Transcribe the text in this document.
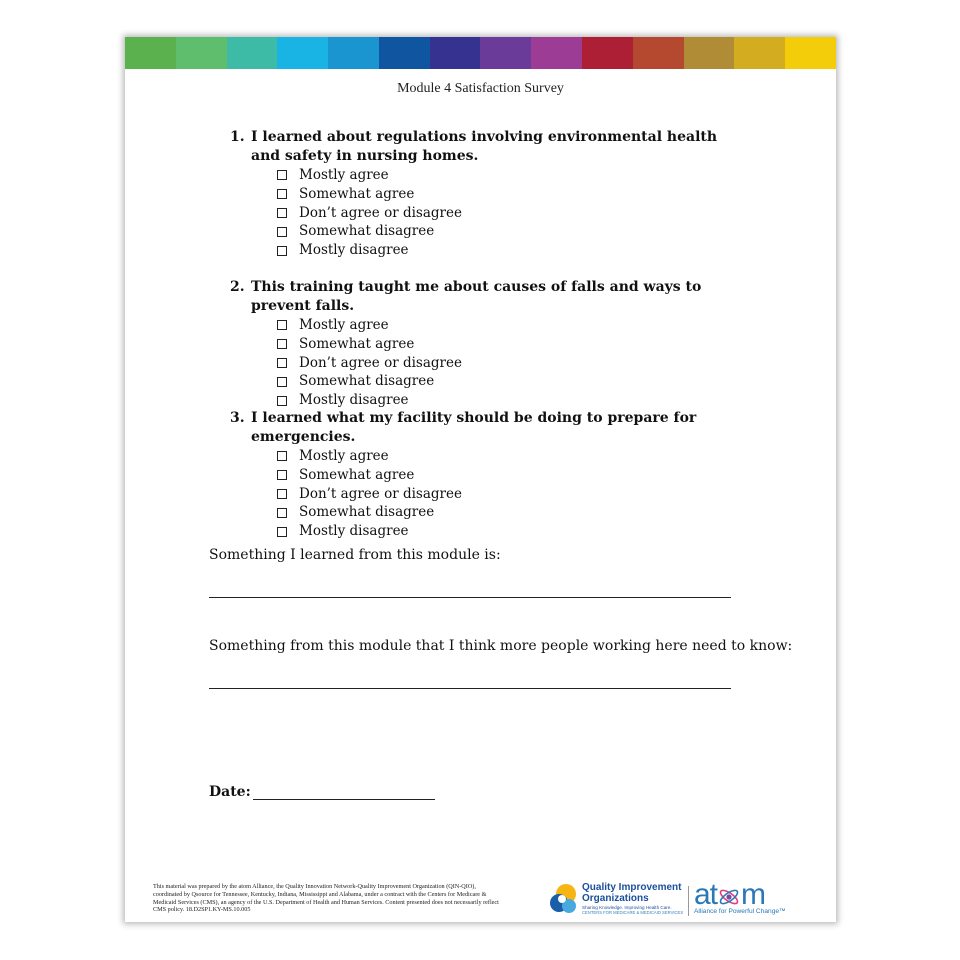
Module 4 Satisfaction Survey
1. I learned about regulations involving environmental health and safety in nursing homes.
Mostly agree
Somewhat agree
Don’t agree or disagree
Somewhat disagree
Mostly disagree
2. This training taught me about causes of falls and ways to prevent falls.
Mostly agree
Somewhat agree
Don’t agree or disagree
Somewhat disagree
Mostly disagree
3. I learned what my facility should be doing to prepare for emergencies.
Mostly agree
Somewhat agree
Don’t agree or disagree
Somewhat disagree
Mostly disagree
Something I learned from this module is:
Something from this module that I think more people working here need to know:
Date:
This material was prepared by the atom Alliance, the Quality Innovation Network-Quality Improvement Organization (QIN-QIO), coordinated by Qsource for Tennessee, Kentucky, Indiana, Mississippi and Alabama, under a contract with the Centers for Medicare & Medicaid Services (CMS), an agency of the U.S. Department of Health and Human Services. Content presented does not necessarily reflect CMS policy. 18.D2SP1.KY-MS.10.005
Quality Improvement
Organizations
Sharing Knowledge. Improving Health Care.
CENTERS FOR MEDICARE & MEDICAID SERVICES
at m
Alliance for Powerful Change™
